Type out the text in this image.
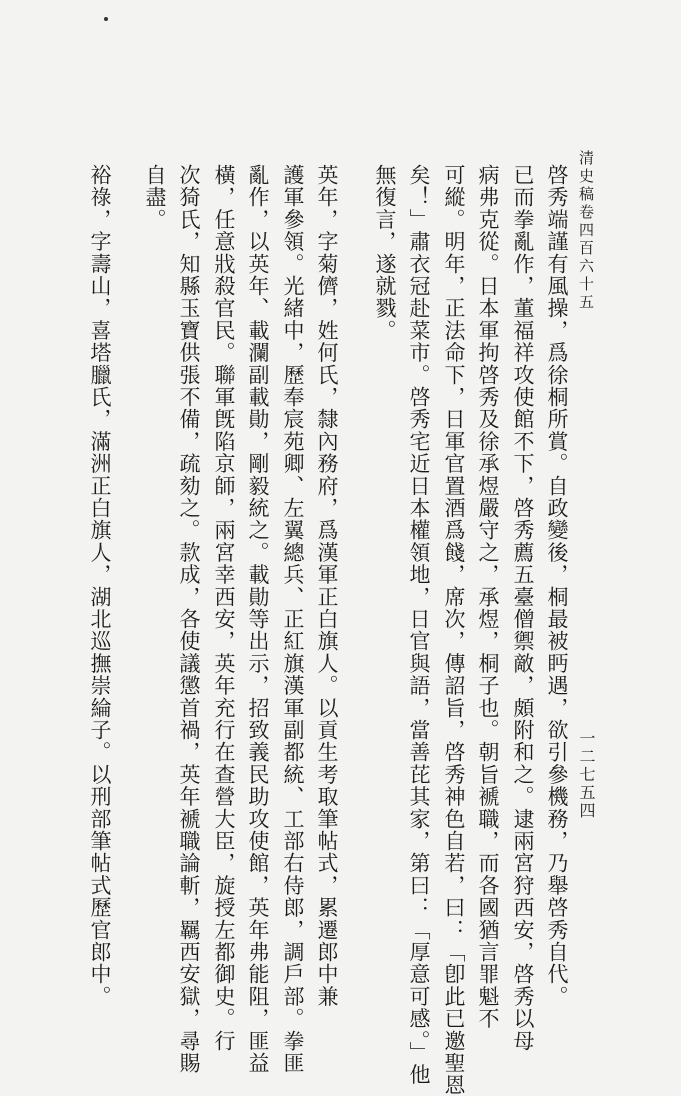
清史稿卷四百六十五
一二七五四
啓秀端謹有風操，爲徐桐所賞。自政變後，桐最被眄遇，欲引參機務，乃舉啓秀自代。
已而拳亂作，董福祥攻使館不下，啓秀薦五臺僧禦敵，頗附和之。逮兩宮狩西安，啓秀以母
病弗克從。日本軍拘啓秀及徐承煜嚴守之，承煜，桐子也。朝旨褫職，而各國猶言罪魁不
可縱。明年，正法命下，日軍官置酒爲餞，席次，傳詔旨，啓秀神色自若，曰：「卽此已邀聖恩
矣！」肅衣冠赴菜市。啓秀宅近日本權領地，日官與語，當善芘其家，第曰：「厚意可感。」他
無復言，遂就戮。
英年，字菊儕，姓何氏，隸內務府，爲漢軍正白旗人。以貢生考取筆帖式，累遷郎中兼
護軍參領。光緒中，歷奉宸苑卿、左翼總兵、正紅旗漢軍副都統、工部右侍郎，調戶部。拳匪
亂作，以英年、載瀾副載勛，剛毅統之。載勛等出示，招致義民助攻使館，英年弗能阻，匪益
橫，任意戕殺官民。聯軍旣陷京師，兩宮幸西安，英年充行在查營大臣，旋授左都御史。行
次猗氏，知縣玉寶供張不備，疏劾之。款成，各使議懲首禍，英年褫職論斬，羈西安獄，尋賜
自盡。
裕祿，字壽山，喜塔臘氏，滿洲正白旗人，湖北巡撫崇綸子。以刑部筆帖式歷官郎中。
